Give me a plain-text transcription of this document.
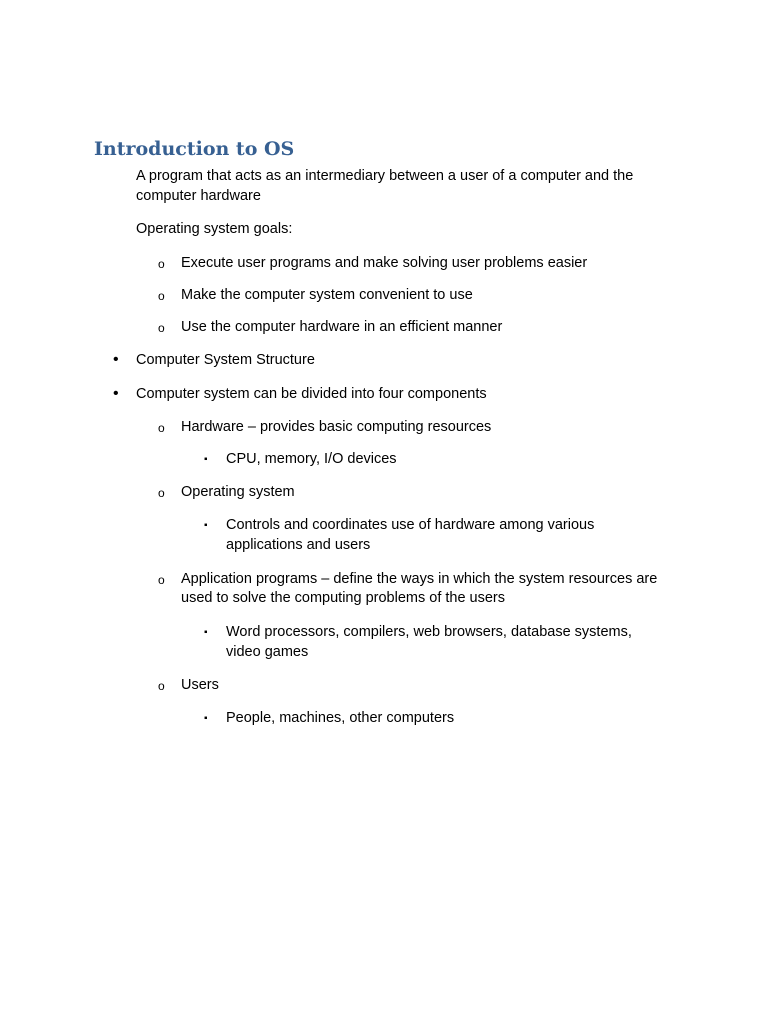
Introduction to OS
A program that acts as an intermediary between a user of a computer and the
computer hardware
Operating system goals:
o Execute user programs and make solving user problems easier
o Make the computer system convenient to use
o Use the computer hardware in an efficient manner
• Computer System Structure
• Computer system can be divided into four components
o Hardware – provides basic computing resources
▪ CPU, memory, I/O devices
o Operating system
▪ Controls and coordinates use of hardware among various
applications and users
o Application programs – define the ways in which the system resources are
used to solve the computing problems of the users
▪ Word processors, compilers, web browsers, database systems,
video games
o Users
▪ People, machines, other computers
